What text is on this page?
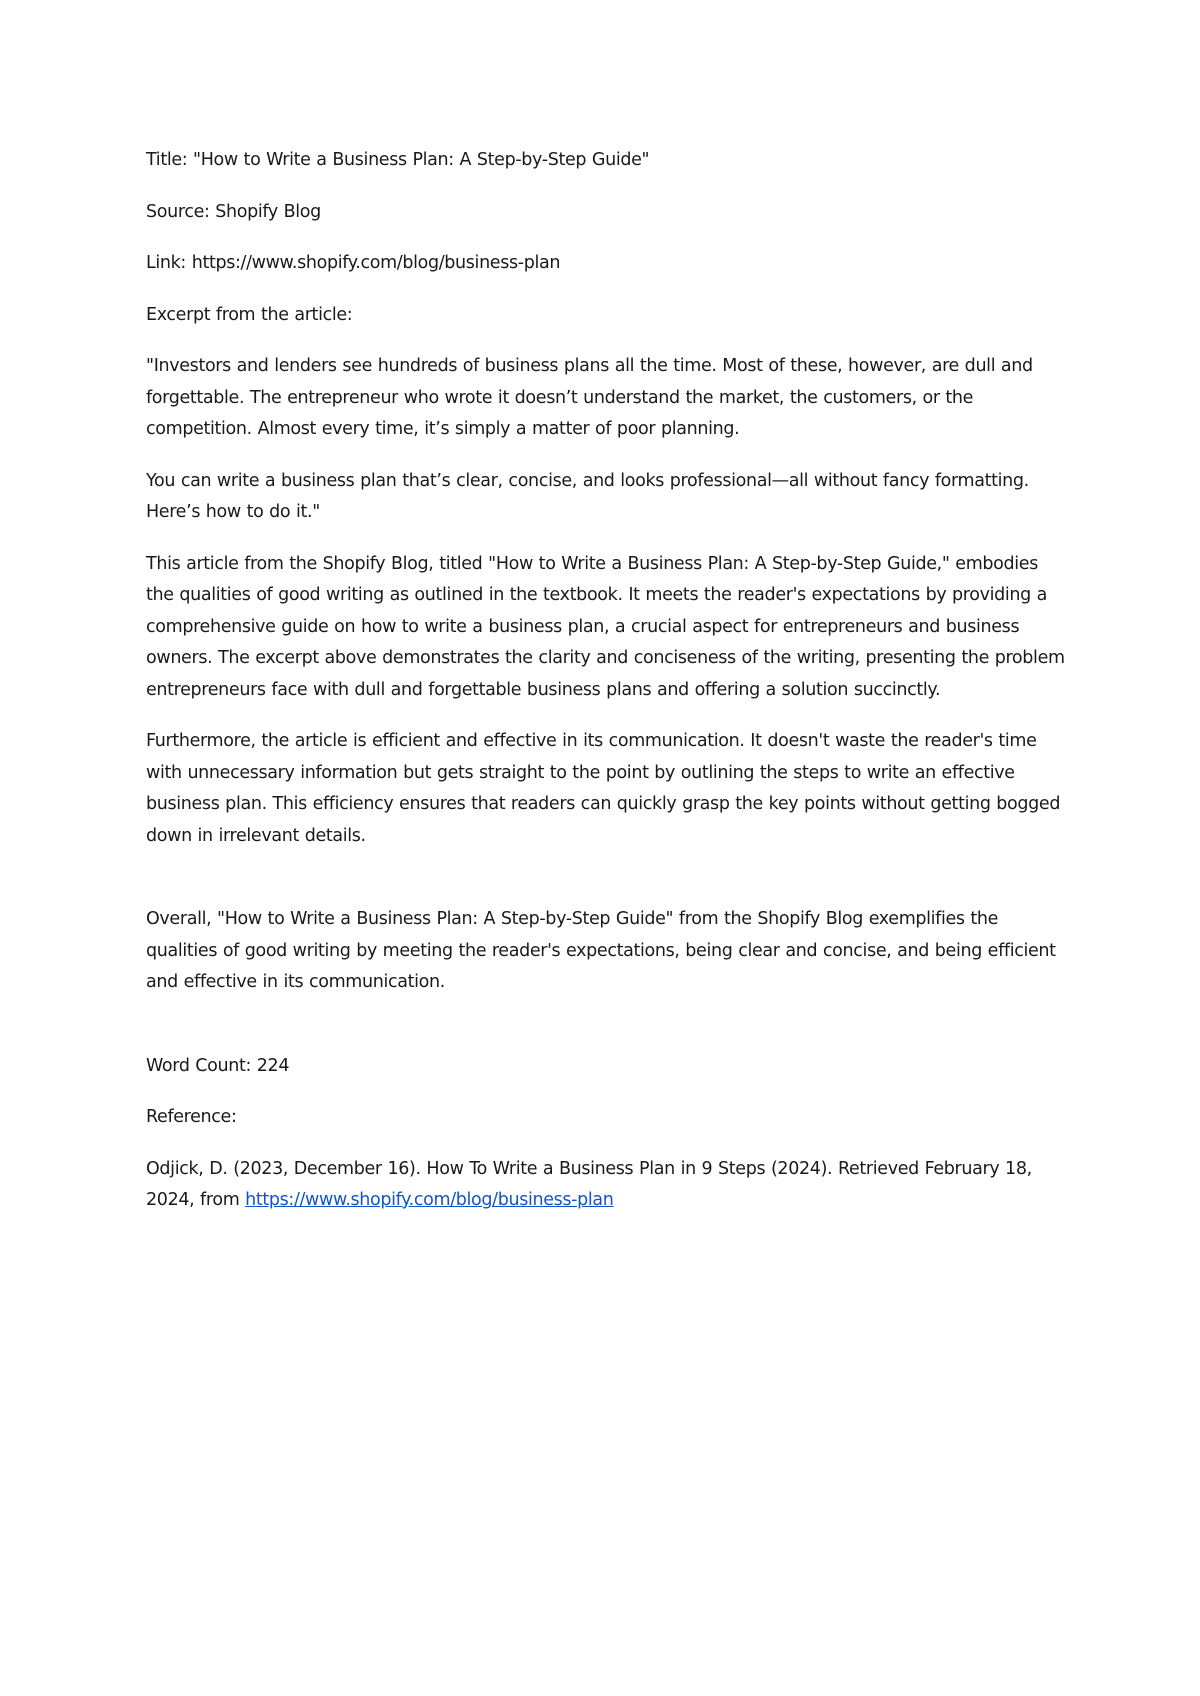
Title: "How to Write a Business Plan: A Step-by-Step Guide"

Source: Shopify Blog

Link: https://www.shopify.com/blog/business-plan

Excerpt from the article:

"Investors and lenders see hundreds of business plans all the time. Most of these, however, are dull and forgettable. The entrepreneur who wrote it doesn’t understand the market, the customers, or the competition. Almost every time, it’s simply a matter of poor planning.

You can write a business plan that’s clear, concise, and looks professional—all without fancy formatting. Here’s how to do it."

This article from the Shopify Blog, titled "How to Write a Business Plan: A Step-by-Step Guide," embodies the qualities of good writing as outlined in the textbook. It meets the reader's expectations by providing a comprehensive guide on how to write a business plan, a crucial aspect for entrepreneurs and business owners. The excerpt above demonstrates the clarity and conciseness of the writing, presenting the problem entrepreneurs face with dull and forgettable business plans and offering a solution succinctly.

Furthermore, the article is efficient and effective in its communication. It doesn't waste the reader's time with unnecessary information but gets straight to the point by outlining the steps to write an effective business plan. This efficiency ensures that readers can quickly grasp the key points without getting bogged down in irrelevant details.

Overall, "How to Write a Business Plan: A Step-by-Step Guide" from the Shopify Blog exemplifies the qualities of good writing by meeting the reader's expectations, being clear and concise, and being efficient and effective in its communication.

Word Count: 224

Reference:

Odjick, D. (2023, December 16). How To Write a Business Plan in 9 Steps (2024). Retrieved February 18, 2024, from https://www.shopify.com/blog/business-plan
